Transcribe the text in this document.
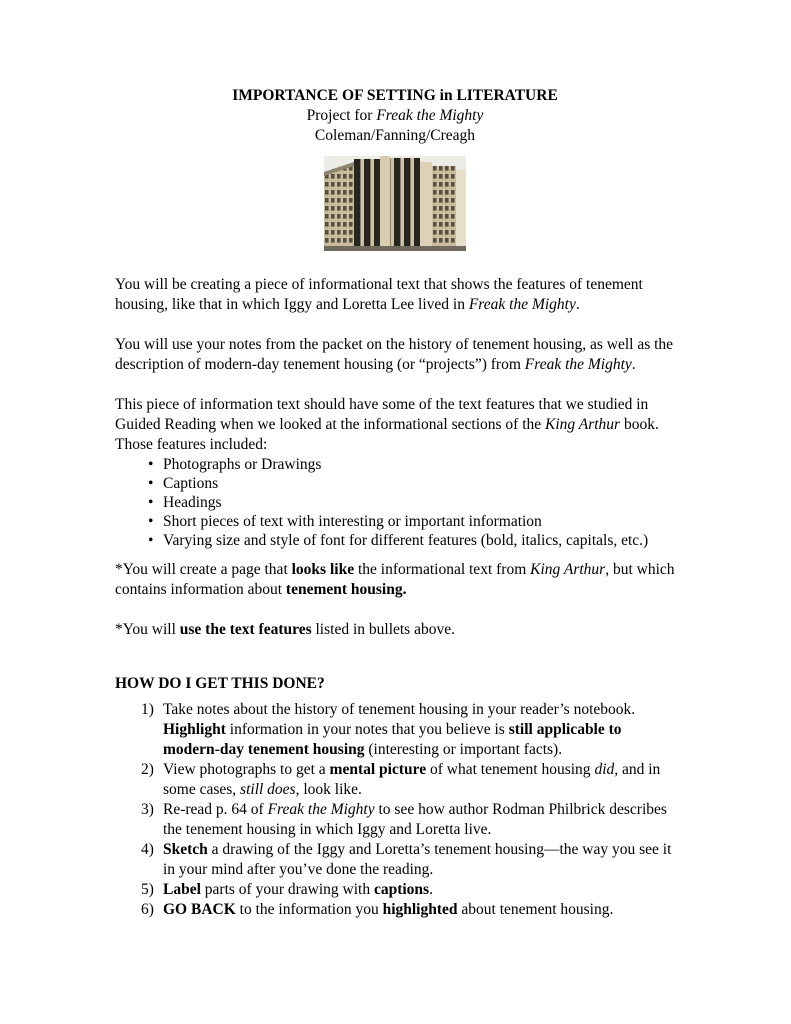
IMPORTANCE OF SETTING in LITERATURE
Project for Freak the Mighty
Coleman/Fanning/Creagh

You will be creating a piece of informational text that shows the features of tenement housing, like that in which Iggy and Loretta Lee lived in Freak the Mighty.

You will use your notes from the packet on the history of tenement housing, as well as the description of modern-day tenement housing (or “projects”) from Freak the Mighty.

This piece of information text should have some of the text features that we studied in Guided Reading when we looked at the informational sections of the King Arthur book. Those features included:

• Photographs or Drawings
• Captions
• Headings
• Short pieces of text with interesting or important information
• Varying size and style of font for different features (bold, italics, capitals, etc.)

*You will create a page that looks like the informational text from King Arthur, but which contains information about tenement housing.

*You will use the text features listed in bullets above.

HOW DO I GET THIS DONE?
1) Take notes about the history of tenement housing in your reader’s notebook. Highlight information in your notes that you believe is still applicable to modern-day tenement housing (interesting or important facts).
2) View photographs to get a mental picture of what tenement housing did, and in some cases, still does, look like.
3) Re-read p. 64 of Freak the Mighty to see how author Rodman Philbrick describes the tenement housing in which Iggy and Loretta live.
4) Sketch a drawing of the Iggy and Loretta’s tenement housing—the way you see it in your mind after you’ve done the reading.
5) Label parts of your drawing with captions.
6) GO BACK to the information you highlighted about tenement housing.
